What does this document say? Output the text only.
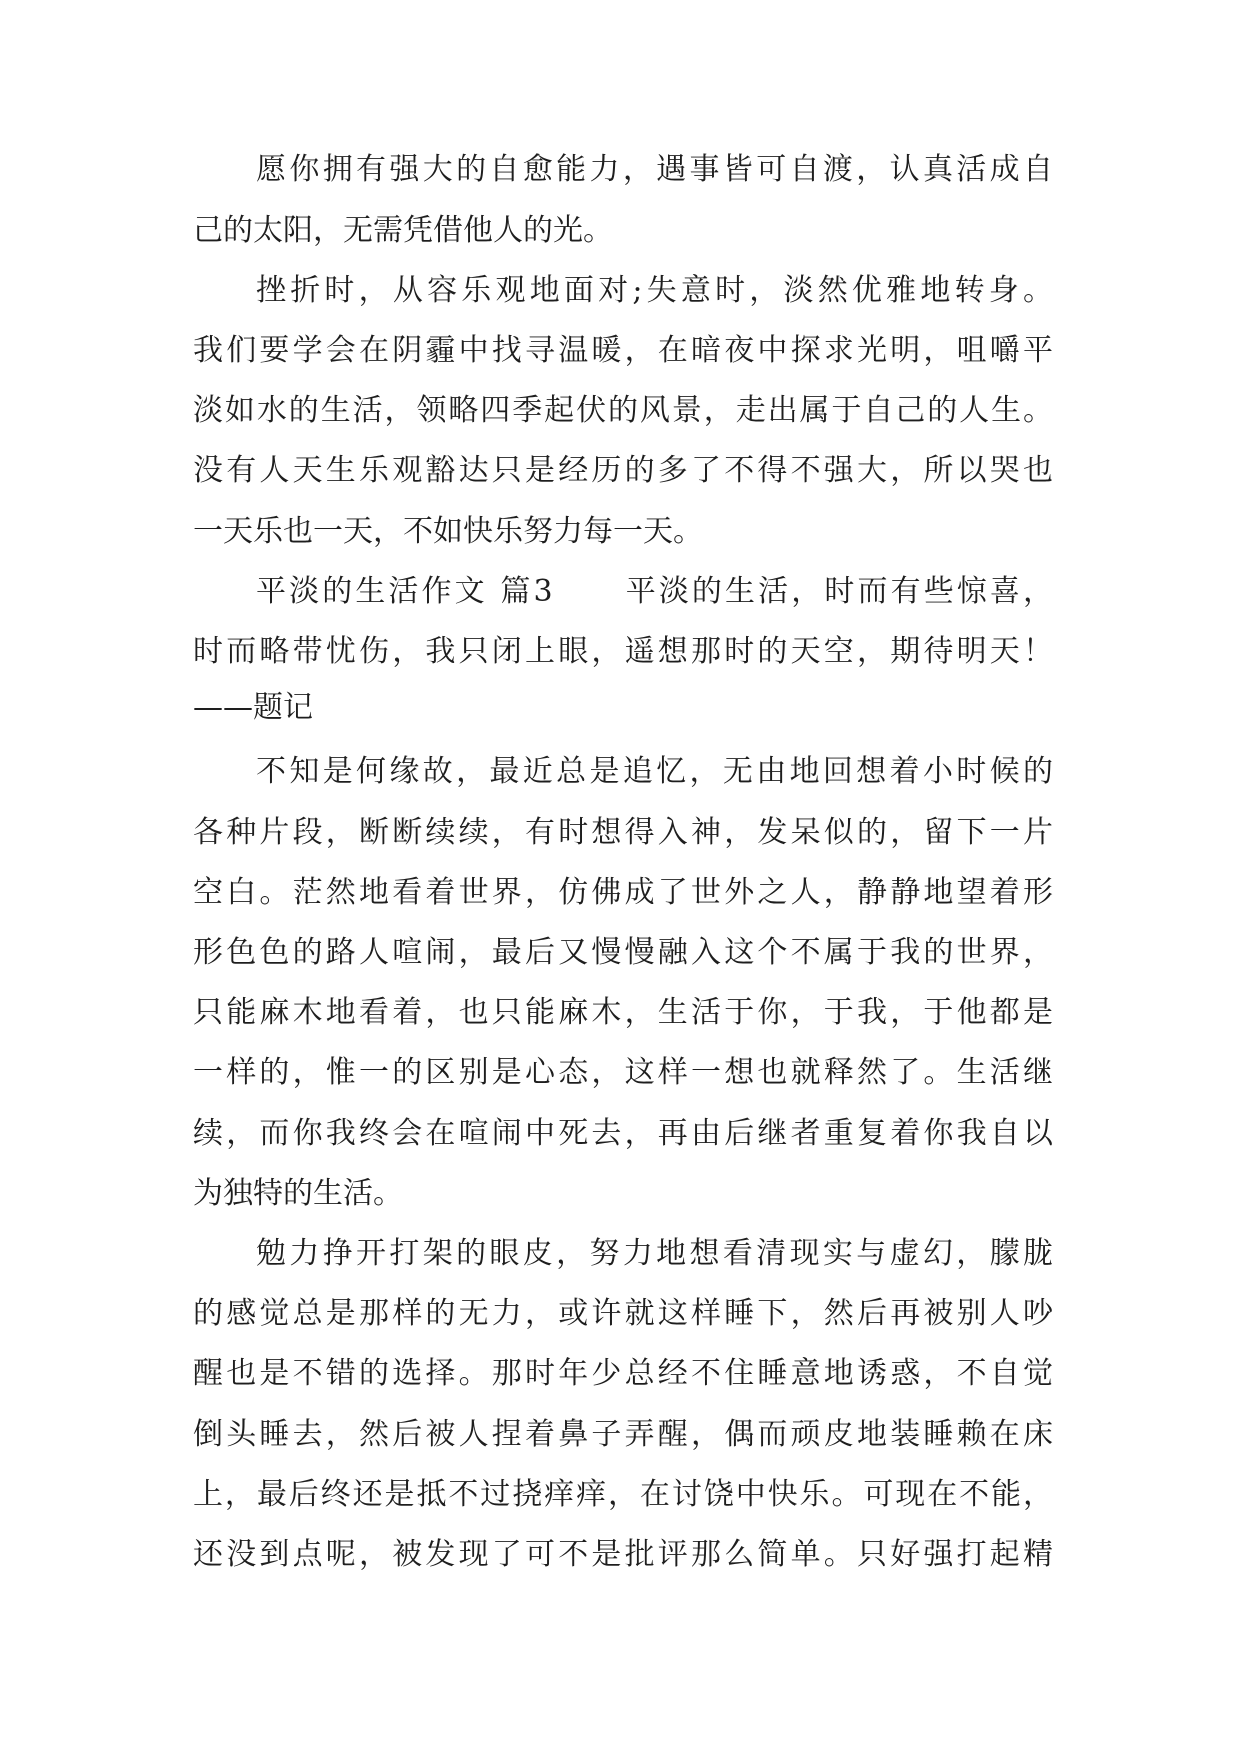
愿你拥有强大的自愈能力，遇事皆可自渡，认真活成自
己的太阳，无需凭借他人的光。
挫折时，从容乐观地面对;失意时，淡然优雅地转身。
我们要学会在阴霾中找寻温暖，在暗夜中探求光明，咀嚼平
淡如水的生活，领略四季起伏的风景，走出属于自己的人生。
没有人天生乐观豁达只是经历的多了不得不强大，所以哭也
一天乐也一天，不如快乐努力每一天。
平淡的生活作文 篇3 平淡的生活，时而有些惊喜，
时而略带忧伤，我只闭上眼，遥想那时的天空，期待明天！
——题记
不知是何缘故，最近总是追忆，无由地回想着小时候的
各种片段，断断续续，有时想得入神，发呆似的，留下一片
空白。茫然地看着世界，仿佛成了世外之人，静静地望着形
形色色的路人喧闹，最后又慢慢融入这个不属于我的世界，
只能麻木地看着，也只能麻木，生活于你，于我，于他都是
一样的，惟一的区别是心态，这样一想也就释然了。生活继
续，而你我终会在喧闹中死去，再由后继者重复着你我自以
为独特的生活。
勉力挣开打架的眼皮，努力地想看清现实与虚幻，朦胧
的感觉总是那样的无力，或许就这样睡下，然后再被别人吵
醒也是不错的选择。那时年少总经不住睡意地诱惑，不自觉
倒头睡去，然后被人捏着鼻子弄醒，偶而顽皮地装睡赖在床
上，最后终还是抵不过挠痒痒，在讨饶中快乐。可现在不能，
还没到点呢，被发现了可不是批评那么简单。只好强打起精
